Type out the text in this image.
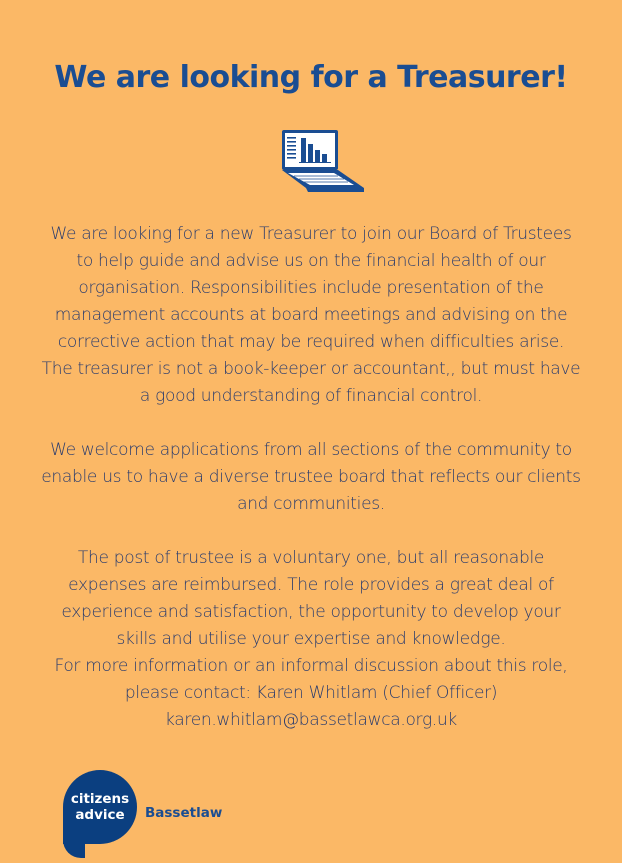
We are looking for a Treasurer!

We are looking for a new Treasurer to join our Board of Trustees to help guide and advise us on the financial health of our organisation. Responsibilities include presentation of the management accounts at board meetings and advising on the corrective action that may be required when difficulties arise. The treasurer is not a book-keeper or accountant,, but must have a good understanding of financial control.

We welcome applications from all sections of the community to enable us to have a diverse trustee board that reflects our clients and communities.

The post of trustee is a voluntary one, but all reasonable expenses are reimbursed. The role provides a great deal of experience and satisfaction, the opportunity to develop your skills and utilise your expertise and knowledge.

For more information or an informal discussion about this role, please contact: Karen Whitlam (Chief Officer)

karen.whitlam@bassetlawca.org.uk

citizens
advice Bassetlaw
